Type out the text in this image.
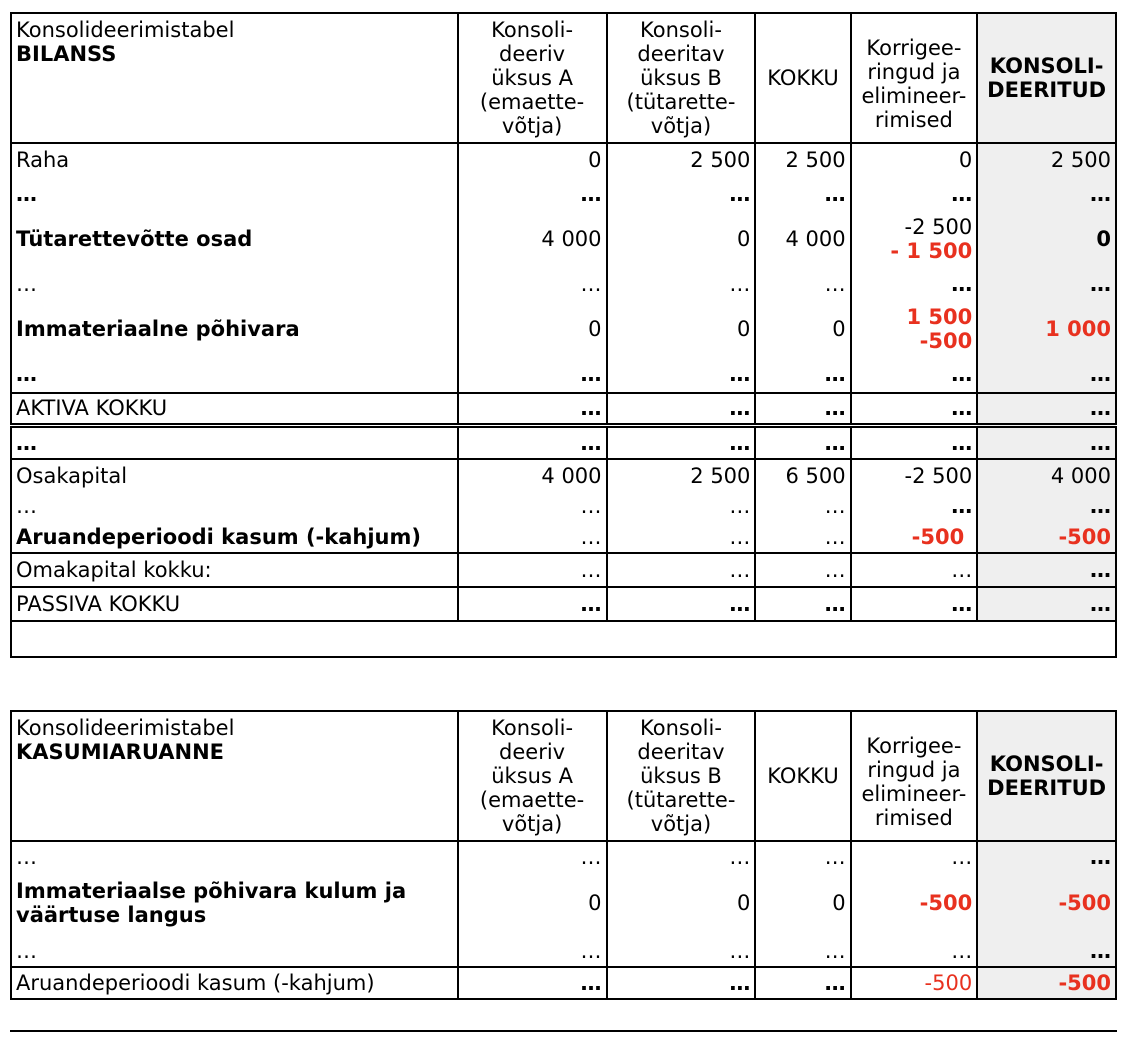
Konsolideerimistabel
BILANSS	Konsoli-
deeriv
üksus A
(emaette-
võtja)	Konsoli-
deeritav
üksus B
(tütarette-
võtja)	KOKKU	Korrigee-
ringud ja
elimineer-
rimised	KONSOLI-
DEERITUD

Raha	0	2 500	2 500	0	2 500
…	…	…	…	…	…
Tütarettevõtte osad	4 000	0	4 000	-2 500
- 1 500	0
…	…	…	…	…	…
Immateriaalne põhivara	0	0	0	1 500
-500	1 000
…	…	…	…	…	…
AKTIVA KOKKU	…	…	…	…	…
…	…	…	…	…	…
Osakapital	4 000	2 500	6 500	-2 500	4 000
…	…	…	…	…	…
Aruandeperioodi kasum (-kahjum)	…	…	…	-500	-500
Omakapital kokku:	…	…	…	…	…
PASSIVA KOKKU	…	…	…	…	…

Konsolideerimistabel
KASUMIARUANNE	Konsoli-
deeriv
üksus A
(emaette-
võtja)	Konsoli-
deeritav
üksus B
(tütarette-
võtja)	KOKKU	Korrigee-
ringud ja
elimineer-
rimised	KONSOLI-
DEERITUD

…	…	…	…	…	…
Immateriaalse põhivara kulum ja väärtuse langus	0	0	0	-500	-500
…	…	…	…	…	…
Aruandeperioodi kasum (-kahjum)	…	…	…	-500	-500
